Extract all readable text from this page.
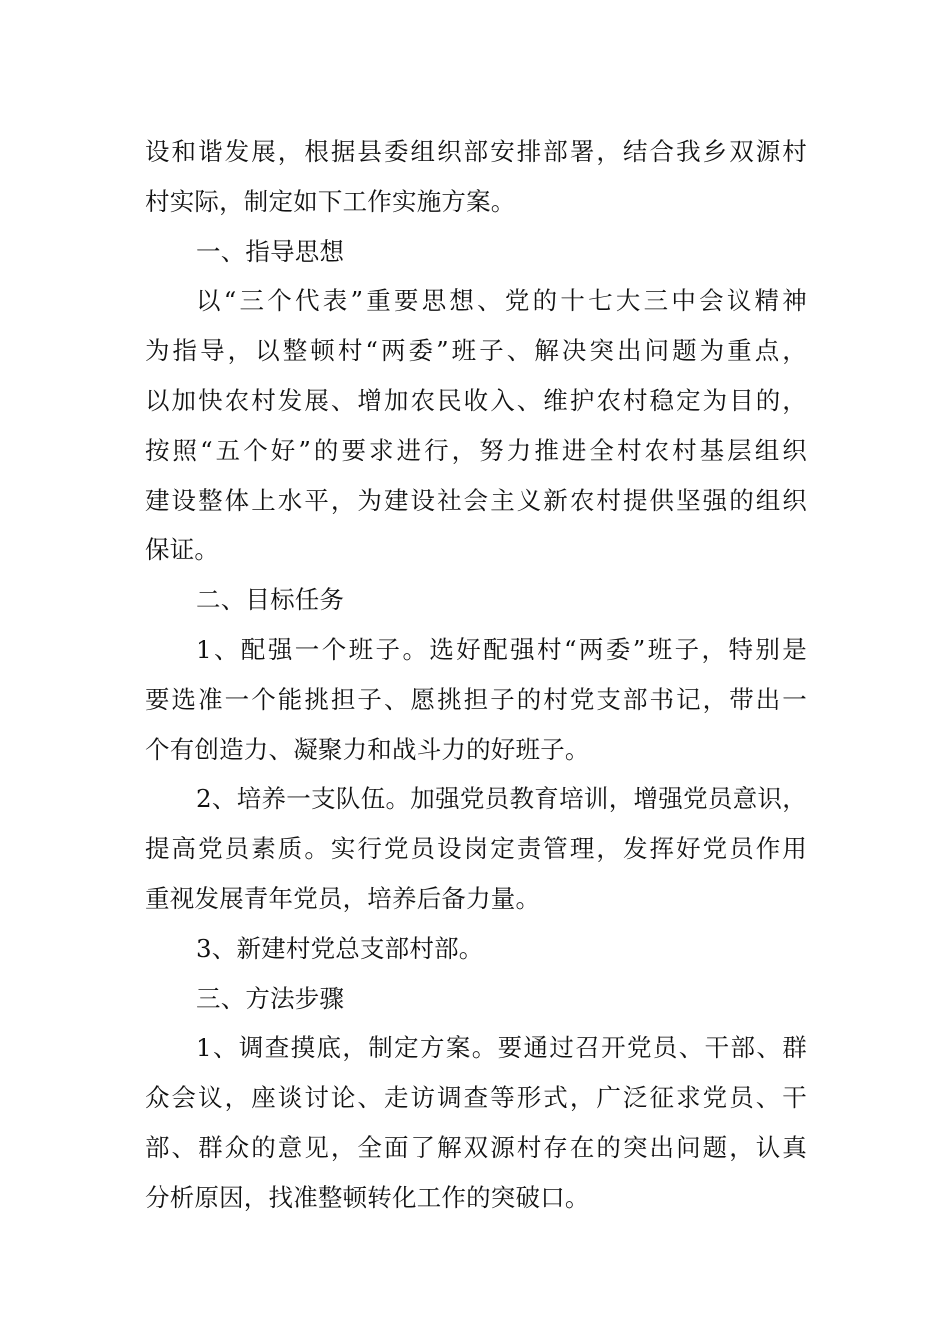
设和谐发展，根据县委组织部安排部署，结合我乡双源村
村实际，制定如下工作实施方案。
一、指导思想
以“三个代表”重要思想、党的十七大三中会议精神
为指导，以整顿村“两委”班子、解决突出问题为重点，
以加快农村发展、增加农民收入、维护农村稳定为目的，
按照“五个好”的要求进行，努力推进全村农村基层组织
建设整体上水平，为建设社会主义新农村提供坚强的组织
保证。
二、目标任务
1、配强一个班子。选好配强村“两委”班子，特别是
要选准一个能挑担子、愿挑担子的村党支部书记，带出一
个有创造力、凝聚力和战斗力的好班子。
2、培养一支队伍。加强党员教育培训，增强党员意识，
提高党员素质。实行党员设岗定责管理，发挥好党员作用
重视发展青年党员，培养后备力量。
3、新建村党总支部村部。
三、方法步骤
1、调查摸底，制定方案。要通过召开党员、干部、群
众会议，座谈讨论、走访调查等形式，广泛征求党员、干
部、群众的意见，全面了解双源村存在的突出问题，认真
分析原因，找准整顿转化工作的突破口。
